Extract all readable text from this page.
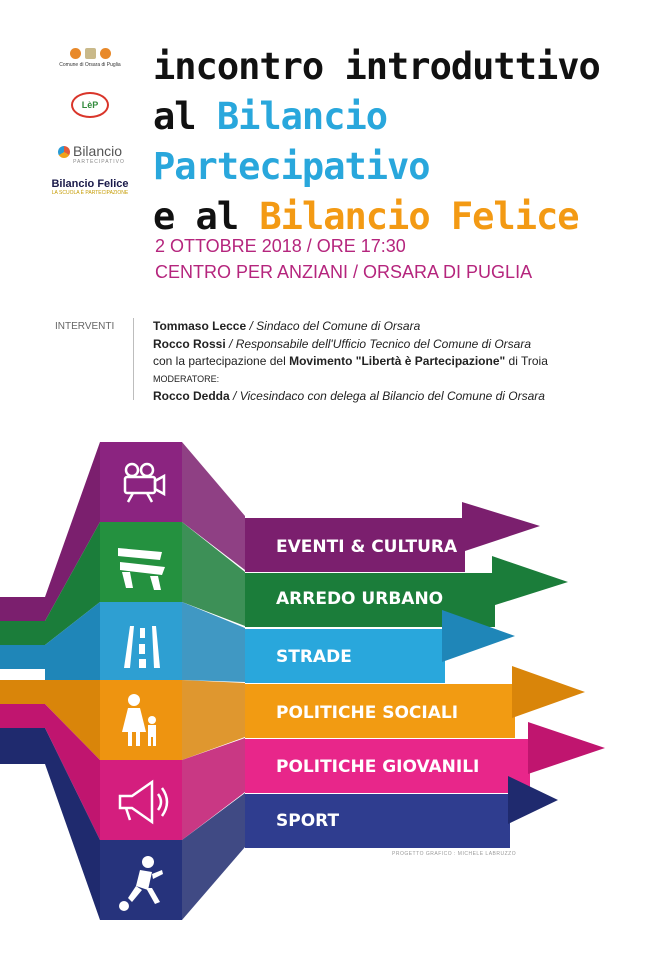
Comune di Orsara di Puglia
LèP
Bilancio
PARTECIPATIVO
Bilancio Felice
LA SCUOLA È PARTECIPAZIONE
incontro introduttivo
al Bilancio Partecipativo
e al Bilancio Felice
2 OTTOBRE 2018 / ORE 17:30
CENTRO PER ANZIANI / ORSARA DI PUGLIA
INTERVENTI	Tommaso Lecce / Sindaco del Comune di Orsara
Rocco Rossi / Responsabile dell'Ufficio Tecnico del Comune di Orsara
con la partecipazione del Movimento "Libertà è Partecipazione" di Troia
MODERATORE:
Rocco Dedda / Vicesindaco con delega al Bilancio del Comune di Orsara
EVENTI & CULTURA
ARREDO URBANO
STRADE
POLITICHE SOCIALI
POLITICHE GIOVANILI
SPORT
PROGETTO GRAFICO : MICHELE LABRUZZO
